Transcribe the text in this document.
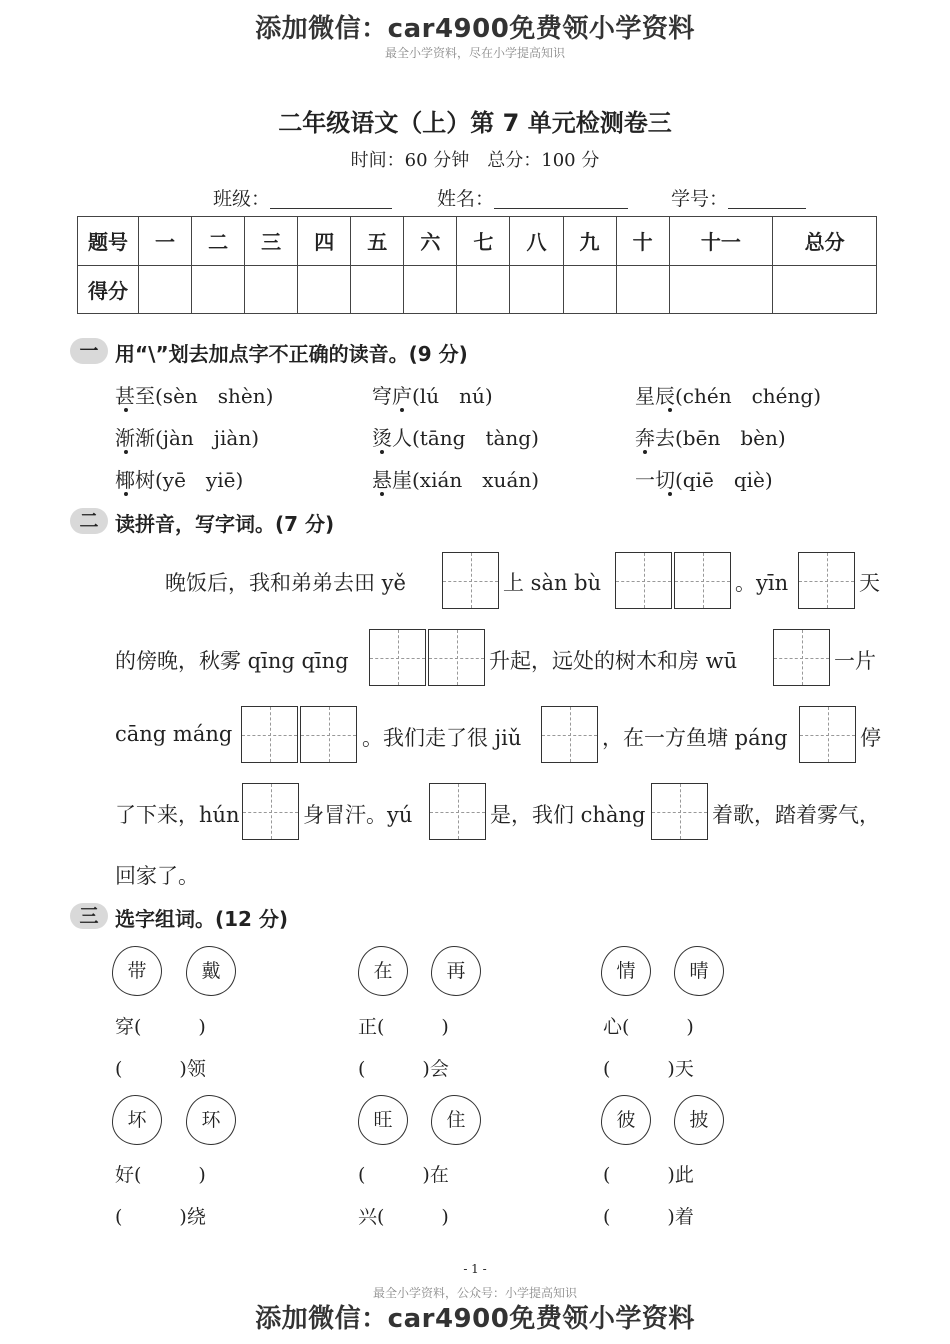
添加微信：car4900免费领小学资料
最全小学资料，尽在小学提高知识
二年级语文（上）第 7 单元检测卷三
时间：60 分钟　总分：100 分
班级：	姓名：	学号：
题号	一	二	三	四	五	六	七	八	九	十	十一	总分
得分												
一 用“\”划去加点字不正确的读音。(9 分)
甚至(sèn　shèn)	穹庐(lú　nú)	星辰(chén　chéng)
渐渐(jàn　jiàn)	烫人(tāng　tàng)	奔去(bēn　bèn)
椰树(yē　yiē)	悬崖(xián　xuán)	一切(qiē　qiè)
二 读拼音，写字词。(7 分)
晚饭后，我和弟弟去田 yě	上 sàn bù	。yīn	天
的傍晚，秋雾 qīng qīng	升起，远处的树木和房 wū	一片
cāng máng	。我们走了很 jiǔ	，在一方鱼塘 páng	停
了下来，hún	身冒汗。yú	是，我们 chàng	着歌，踏着雾气，
回家了。
三 选字组词。(12 分)
带	戴	在	再	情	晴
穿(　　　)	正(　　　)	心(　　　)
(　　　)领	(　　　)会	(　　　)天
坏	环	旺	住	彼	披
好(　　　)	(　　　)在	(　　　)此
(　　　)绕	兴(　　　)	(　　　)着
- 1 -
最全小学资料，公众号：小学提高知识
添加微信：car4900免费领小学资料
